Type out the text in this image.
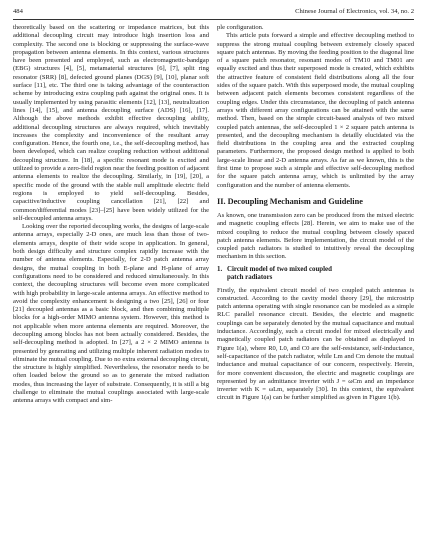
484	Chinese Journal of Electronics, vol. 34, no. 2

theoretically based on the scattering or impedance matrices, but this additional decoupling circuit may introduce high insertion loss and complexity. The second one is blocking or suppressing the surface-wave propagation between antenna elements. In this context, various structures have been presented and employed, such as electromagnetic-bandgap (EBG) structures [4], [5], metamaterial structures [6], [7], split ring resonator (SRR) [8], defected ground planes (DGS) [9], [10], planar soft surface [11], etc. The third one is taking advantage of the counteraction scheme by introducing extra coupling path against the original ones. It is usually implemented by using parasitic elements [12], [13], neutralization lines [14], [15], and antenna decoupling surface (ADS) [16], [17]. Although the above methods exhibit effective decoupling ability, additional decoupling structures are always required, which inevitably increases the complexity and inconvenience of the resultant array configuration. Hence, the fourth one, i.e., the self-decoupling method, has been developed, which can realize coupling reduction without additional decoupling structure. In [18], a specific resonant mode is excited and utilized to provide a zero-field region near the feeding position of adjacent antenna elements to realize the decoupling. Similarly, in [19], [20], a specific mode of the ground with the stable null amplitude electric field regions is employed to yield self-decoupling. Besides, capacitive/inductive coupling cancellation [21], [22] and common/differential modes [23]–[25] have been widely utilized for the self-decoupled antenna arrays.

Looking over the reported decoupling works, the designs of large-scale antenna arrays, especially 2-D ones, are much less than those of two-elements arrays, despite of their wide scope in application. In general, both design difficulty and structure complex rapidly increase with the number of antenna elements. Especially, for 2-D patch antenna array designs, the mutual coupling in both E-plane and H-plane of array configurations need to be considered and reduced simultaneously. In this context, the decoupling structures will become even more complicated with high probability in large-scale antenna arrays. An effective method to avoid the complexity enhancement is designing a two [25], [26] or four [21] decoupled antennas as a basic block, and then combining multiple blocks for a high-order MIMO antenna system. However, this method is not applicable when more antenna elements are required. Moreover, the decoupling among blocks has not been actually considered. Besides, the self-decoupling method is adopted. In [27], a 2 × 2 MIMO antenna is presented by generating and utilizing multiple inherent radiation modes to eliminate the mutual coupling. Due to no extra external decoupling circuit, the structure is highly simplified. Nevertheless, the resonator needs to be often loaded below the ground so as to generate the mixed radiation modes, thus increasing the layer of substrate. Consequently, it is still a big challenge to eliminate the mutual couplings associated with large-scale antenna arrays with compact and sim-

ple configuration.

This article puts forward a simple and effective decoupling method to suppress the strong mutual coupling between extremely closely spaced square patch antennas. By moving the feeding position to the diagonal line of a square patch resonator, resonant modes of TM10 and TM01 are equally excited and thus their superposed mode is created, which exhibits the attractive feature of consistent field distributions along all the four sides of the square patch. With this superposed mode, the mutual coupling between adjacent patch elements becomes consistent regardless of the coupling edges. Under this circumstance, the decoupling of patch antenna arrays with different array configurations can be attained with the same method. Then, based on the simple circuit-based analysis of two mixed coupled patch antennas, the self-decoupled 1 × 2 square patch antenna is presented, and the decoupling mechanism is detailly elucidated via the field distributions in the coupling area and the extracted coupling parameters. Furthermore, the proposed design method is applied to both large-scale linear and 2-D antenna arrays. As far as we known, this is the first time to propose such a simple and effective self-decoupling method for the square patch antenna array, which is unlimited by the array configuration and the number of antenna elements.

II. Decoupling Mechanism and Guideline

As known, one transmission zero can be produced from the mixed electric and magnetic coupling effects [28]. Herein, we aim to make use of the mixed coupling to reduce the mutual coupling between closely spaced patch antenna elements. Before implementation, the circuit model of the coupled patch radiators is studied to intuitively reveal the decoupling mechanism in this section.

1. Circuit model of two mixed coupled
patch radiators

Firstly, the equivalent circuit model of two coupled patch antennas is constructed. According to the cavity model theory [29], the microstrip patch antenna operating with single resonance can be modeled as a simple RLC parallel resonance circuit. Besides, the electric and magnetic couplings can be separately denoted by the mutual capacitance and mutual inductance. Accordingly, such a circuit model for mixed electrically and magnetically coupled patch radiators can be obtained as displayed in Figure 1(a), where R0, L0, and C0 are the self-resistance, self-inductance, self-capacitance of the patch radiator, while Lm and Cm denote the mutual inductance and mutual capacitance of our concern, respectively. Herein, for more convenient discussion, the electric and magnetic couplings are represented by an admittance inverter with J = ωCm and an impedance inverter with K = ωLm, separately [30]. In this context, the equivalent circuit in Figure 1(a) can be further simplified as given in Figure 1(b).
